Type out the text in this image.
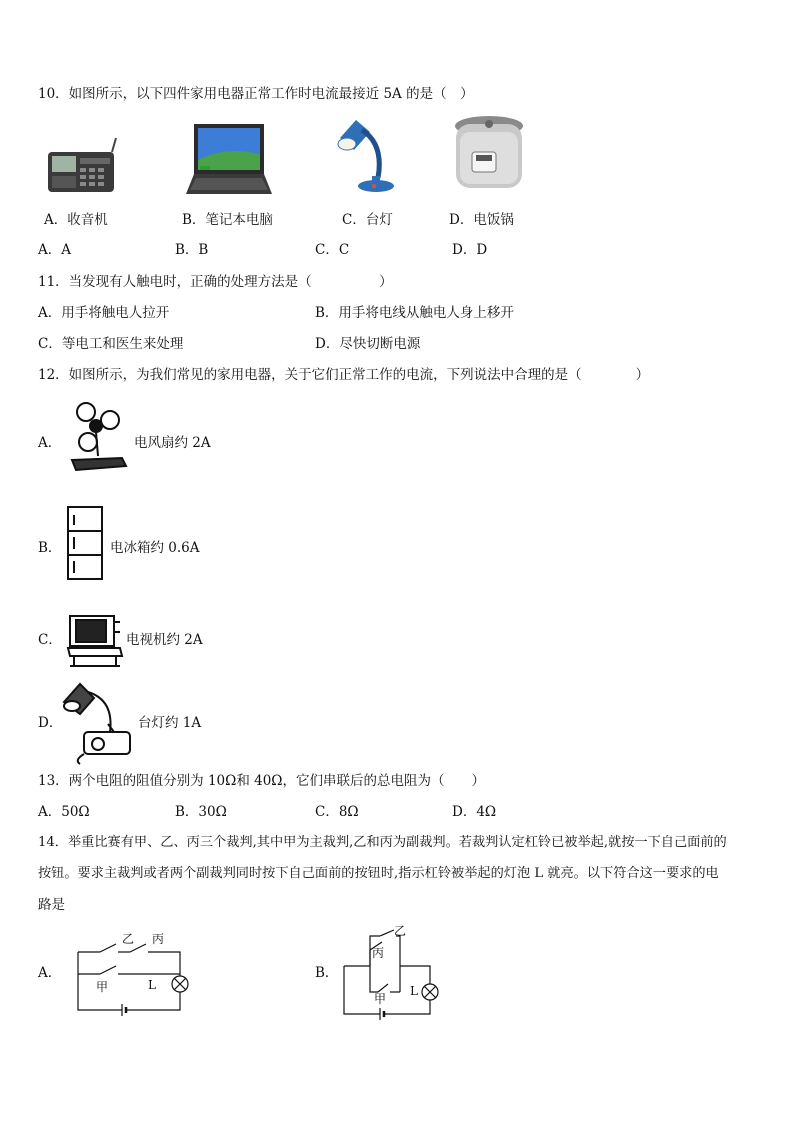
10．如图所示，以下四件家用电器正常工作时电流最接近 5A 的是（　）
A．收音机	B．笔记本电脑	C．台灯	D．电饭锅
A．A	B．B	C．C	D．D
11．当发现有人触电时，正确的处理方法是（　　　　　）
A．用手将触电人拉开	B．用手将电线从触电人身上移开
C．等电工和医生来处理	D．尽快切断电源
12．如图所示，为我们常见的家用电器，关于它们正常工作的电流，下列说法中合理的是（　　　　）
A．	电风扇约 2A
B．	电冰箱约 0.6A
C．	电视机约 2A
D．	台灯约 1A
13．两个电阻的阻值分别为 10Ω和 40Ω，它们串联后的总电阻为（　　）
A．50Ω	B．30Ω	C．8Ω	D．4Ω
14．举重比赛有甲、乙、丙三个裁判,其中甲为主裁判,乙和丙为副裁判。若裁判认定杠铃已被举起,就按一下自己面前的
按钮。要求主裁判或者两个副裁判同时按下自己面前的按钮时,指示杠铃被举起的灯泡 L 就亮。以下符合这一要求的电
路是
A．
乙 丙
甲	L
B．
乙
丙
甲
L
